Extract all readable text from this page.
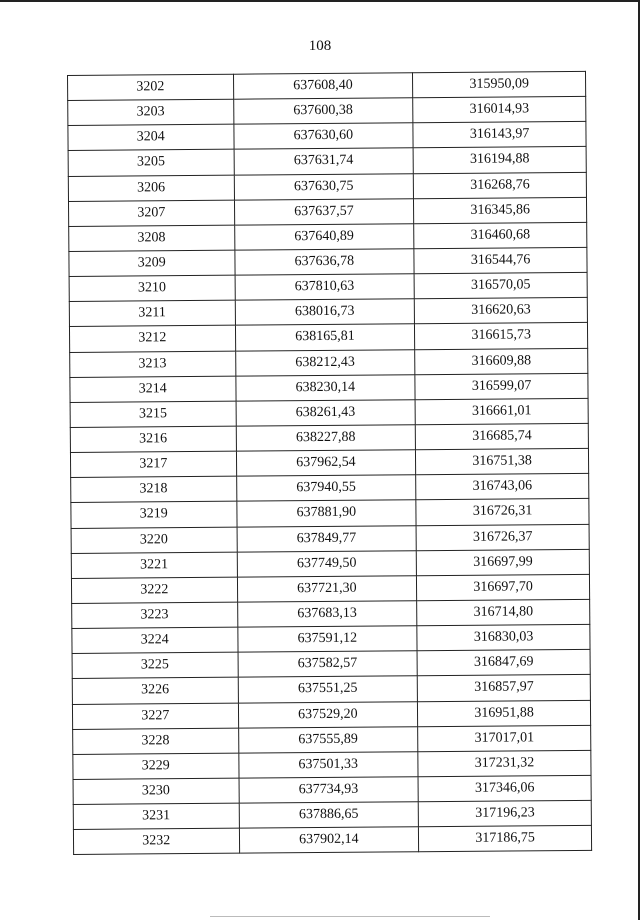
108
3202	637608,40	315950,09
3203	637600,38	316014,93
3204	637630,60	316143,97
3205	637631,74	316194,88
3206	637630,75	316268,76
3207	637637,57	316345,86
3208	637640,89	316460,68
3209	637636,78	316544,76
3210	637810,63	316570,05
3211	638016,73	316620,63
3212	638165,81	316615,73
3213	638212,43	316609,88
3214	638230,14	316599,07
3215	638261,43	316661,01
3216	638227,88	316685,74
3217	637962,54	316751,38
3218	637940,55	316743,06
3219	637881,90	316726,31
3220	637849,77	316726,37
3221	637749,50	316697,99
3222	637721,30	316697,70
3223	637683,13	316714,80
3224	637591,12	316830,03
3225	637582,57	316847,69
3226	637551,25	316857,97
3227	637529,20	316951,88
3228	637555,89	317017,01
3229	637501,33	317231,32
3230	637734,93	317346,06
3231	637886,65	317196,23
3232	637902,14	317186,75
